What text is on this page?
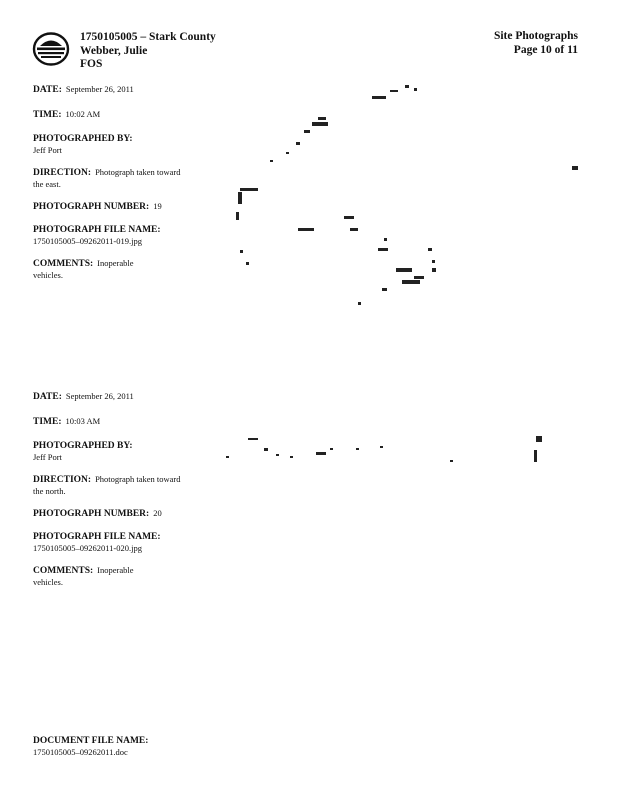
1750105005 – Stark County
Webber, Julie
FOS
Site Photographs
Page 10 of 11
DATE: September 26, 2011
TIME: 10:02 AM
PHOTOGRAPHED BY:
Jeff Port
DIRECTION: Photograph taken toward the east.
PHOTOGRAPH NUMBER: 19
PHOTOGRAPH FILE NAME:
1750105005–09262011-019.jpg
COMMENTS: Inoperable vehicles.
DATE: September 26, 2011
TIME: 10:03 AM
PHOTOGRAPHED BY:
Jeff Port
DIRECTION: Photograph taken toward the north.
PHOTOGRAPH NUMBER: 20
PHOTOGRAPH FILE NAME:
1750105005–09262011-020.jpg
COMMENTS: Inoperable vehicles.
DOCUMENT FILE NAME:
1750105005–09262011.doc
